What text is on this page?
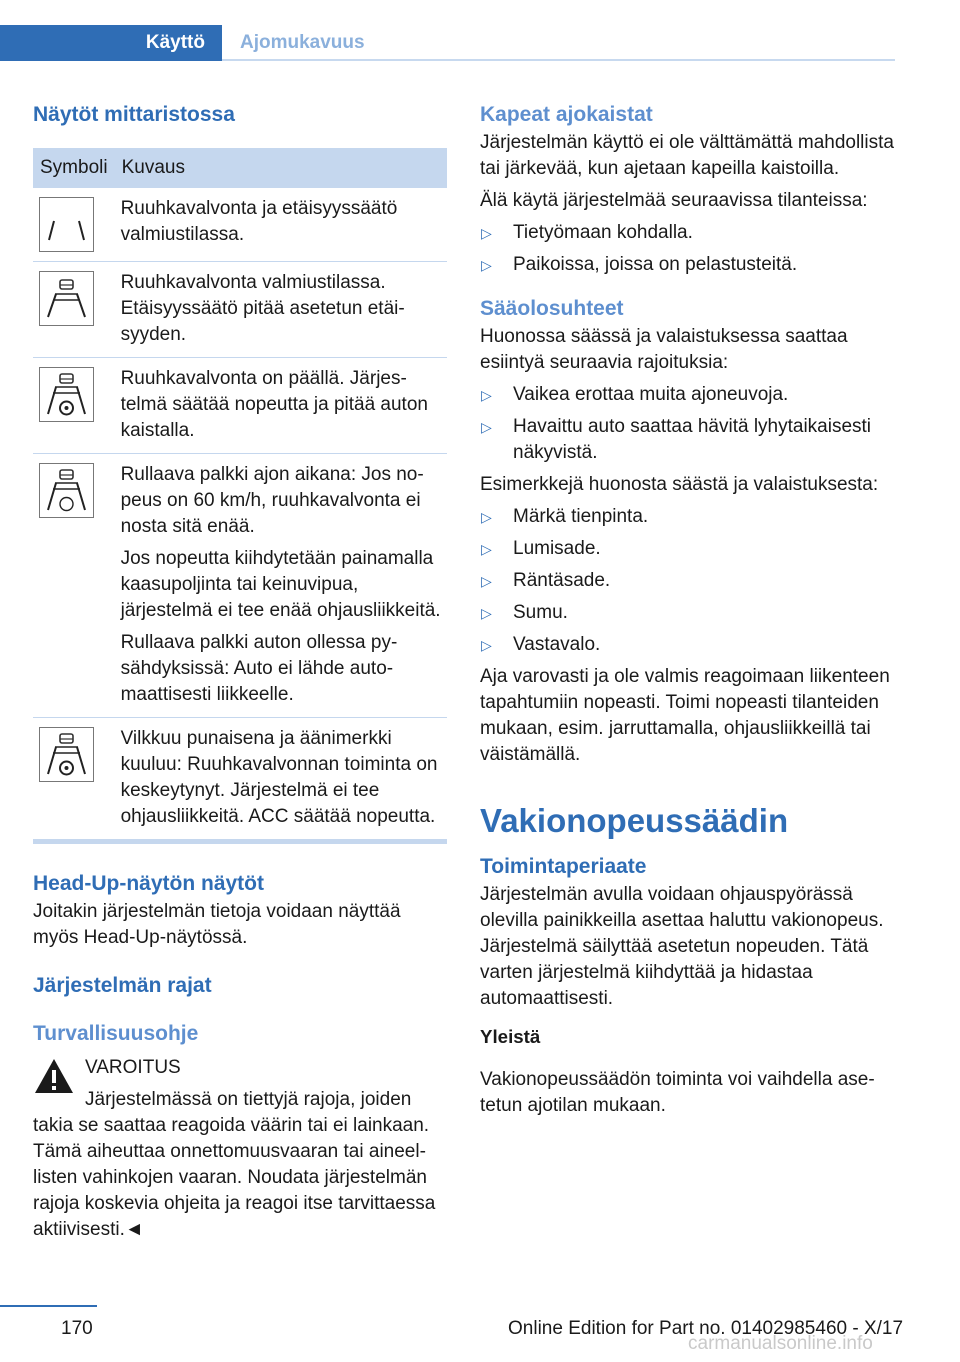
Käyttö Ajomukavuus
Näytöt mittaristossa
Symboli	Kuvaus

Ruuhkavalvonta ja etäisyyssäätö valmiustilassa.

Ruuhkavalvonta valmiustilassa. Etäisyyssäätö pitää asetetun etäisyyden.

Ruuhkavalvonta on päällä. Järjestelmä säätää nopeutta ja pitää auton kaistalla.

Rullaava palkki ajon aikana: Jos nopeus on 60 km/h, ruuhkavalvonta ei nosta sitä enää.

Jos nopeutta kiihdytetään painamalla kaasupoljinta tai keinuvipua, järjestelmä ei tee enää ohjausliikkeitä.

Rullaava palkki auton ollessa pysähdyksissä: Auto ei lähde automaattisesti liikkeelle.

Vilkkuu punaisena ja äänimerkki kuuluu: Ruuhkavalvonnan toiminta on keskeytynyt. Järjestelmä ei tee ohjausliikkeitä. ACC säätää nopeutta.

Head-Up-näytön näytöt

Joitakin järjestelmän tietoja voidaan näyttää myös Head-Up-näytössä.

Järjestelmän rajat
Turvallisuusohje

VAROITUS

Järjestelmässä on tiettyjä rajoja, joiden takia se saattaa reagoida väärin tai ei lainkaan. Tämä aiheuttaa onnettomuusvaaran tai aineellisten vahinkojen vaaran. Noudata järjestelmän rajoja koskevia ohjeita ja reagoi itse tarvittaessa aktiivisesti.◄

Kapeat ajokaistat

Järjestelmän käyttö ei ole välttämättä mahdollista tai järkevää, kun ajetaan kapeilla kaistoilla.

Älä käytä järjestelmää seuraavissa tilanteissa:

▷ Tietyömaan kohdalla.
▷ Paikoissa, joissa on pelastusteitä.
Sääolosuhteet

Huonossa säässä ja valaistuksessa saattaa esiintyä seuraavia rajoituksia:

▷ Vaikea erottaa muita ajoneuvoja.
▷ Havaittu auto saattaa hävitä lyhytaikaisesti näkyvistä.

Esimerkkejä huonosta säästä ja valaistuksesta:

▷ Märkä tienpinta.
▷ Lumisade.
▷ Räntäsade.
▷ Sumu.
▷ Vastavalo.

Aja varovasti ja ole valmis reagoimaan liikenteen tapahtumiin nopeasti. Toimi nopeasti tilanteiden mukaan, esim. jarruttamalla, ohjausliikkeillä tai väistämällä.

Vakionopeussäädin
Toimintaperiaate

Järjestelmän avulla voidaan ohjauspyörässä olevilla painikkeilla asettaa haluttu vakionopeus. Järjestelmä säilyttää asetetun nopeuden. Tätä varten järjestelmä kiihdyttää ja hidastaa automaattisesti.

Yleistä

Vakionopeussäädön toiminta voi vaihdella asetetun ajotilan mukaan.

170	Online Edition for Part no. 01402985460 - X/17
carmanualsonline.info
